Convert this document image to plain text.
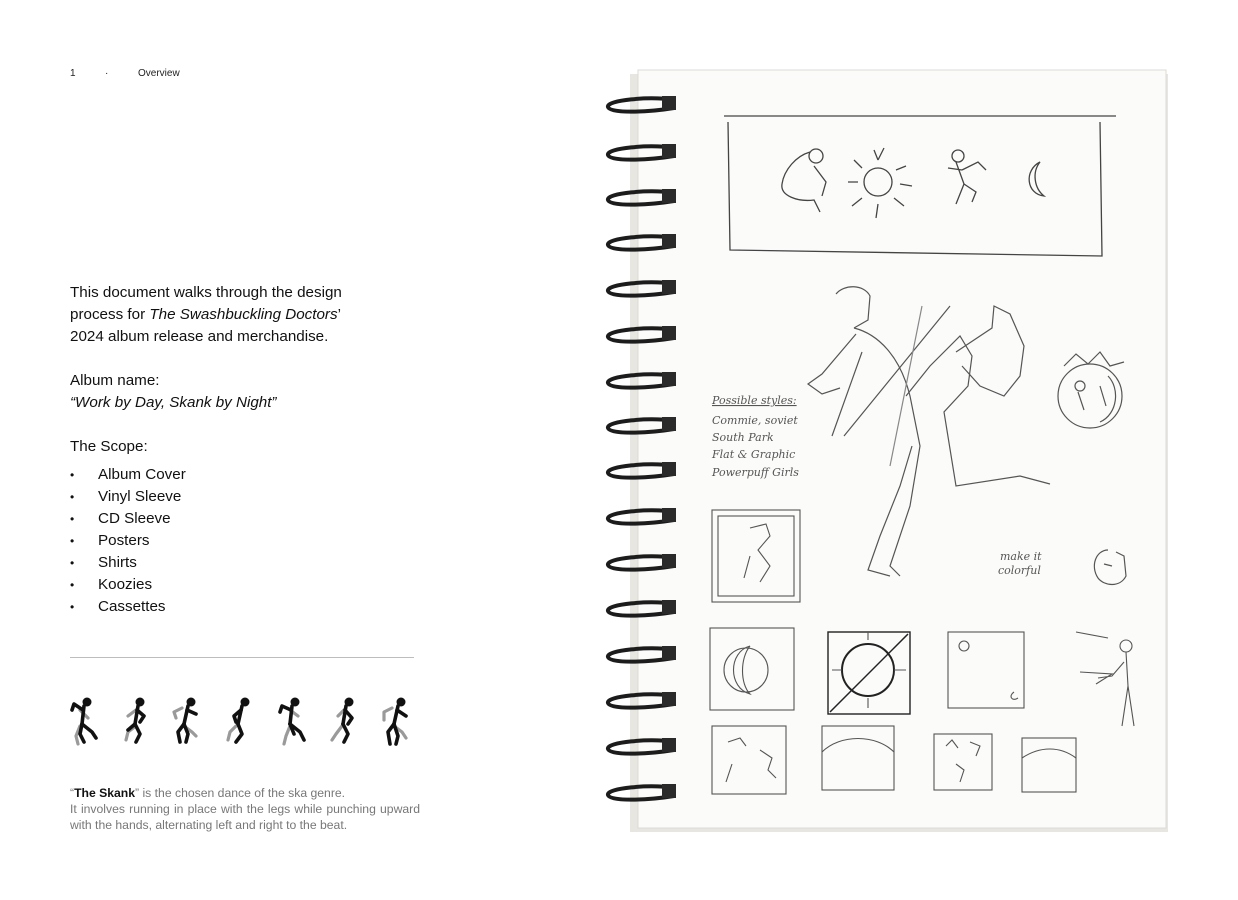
1	·	Overview

This document walks through the design

process for The Swashbuckling Doctors’

2024 album release and merchandise.

Album name:

“Work by Day, Skank by Night”

The Scope:

• Album Cover
• Vinyl Sleeve
• CD Sleeve
• Posters
• Shirts
• Koozies
• Cassettes

“The Skank” is the chosen dance of the ska genre.

It involves running in place with the legs while punching upward with the hands, alternating left and right to the beat.

Possible styles:
Commie, soviet
South Park
Flat & Graphic
Powerpuff Girls
make it
colorful
